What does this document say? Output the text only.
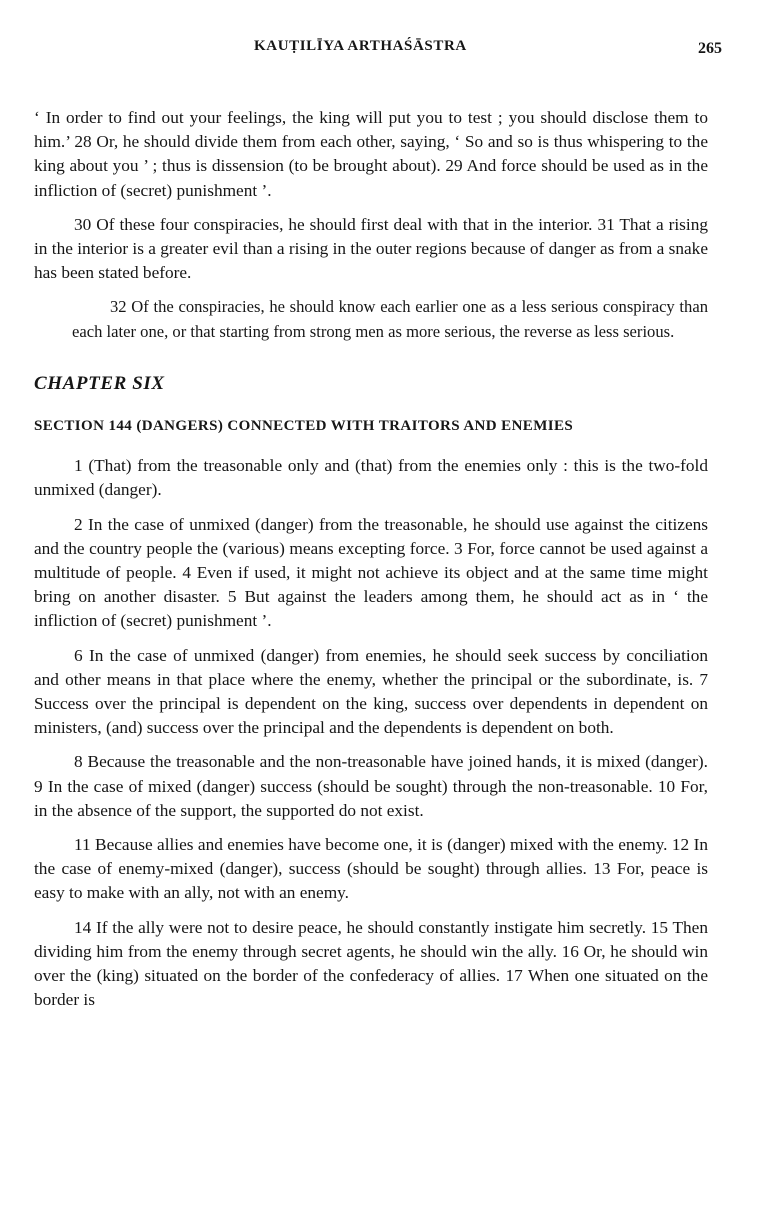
KAUṬILĪYA ARTHAŚĀSTRA	265

‘ In order to find out your feelings, the king will put you to test ; you should disclose them to him.’ 28 Or, he should divide them from each other, saying, ‘ So and so is thus whispering to the king about you ’ ; thus is dissension (to be brought about). 29 And force should be used as in the infliction of (secret) punishment ’.

30 Of these four conspiracies, he should first deal with that in the interior. 31 That a rising in the interior is a greater evil than a rising in the outer regions because of danger as from a snake has been stated before.

32 Of the conspiracies, he should know each earlier one as a less serious conspiracy than each later one, or that starting from strong men as more serious, the reverse as less serious.

CHAPTER SIX
SECTION 144 (DANGERS) CONNECTED WITH TRAITORS AND ENEMIES

1 (That) from the treasonable only and (that) from the enemies only : this is the two-fold unmixed (danger).

2 In the case of unmixed (danger) from the treasonable, he should use against the citizens and the country people the (various) means excepting force. 3 For, force cannot be used against a multitude of people. 4 Even if used, it might not achieve its object and at the same time might bring on another disaster. 5 But against the leaders among them, he should act as in ‘ the infliction of (secret) punishment ’.

6 In the case of unmixed (danger) from enemies, he should seek success by conciliation and other means in that place where the enemy, whether the principal or the subordinate, is. 7 Success over the principal is dependent on the king, success over dependents in dependent on ministers, (and) success over the principal and the dependents is dependent on both.

8 Because the treasonable and the non-treasonable have joined hands, it is mixed (danger). 9 In the case of mixed (danger) success (should be sought) through the non-treasonable. 10 For, in the absence of the support, the supported do not exist.

11 Because allies and enemies have become one, it is (danger) mixed with the enemy. 12 In the case of enemy-mixed (danger), success (should be sought) through allies. 13 For, peace is easy to make with an ally, not with an enemy.

14 If the ally were not to desire peace, he should constantly instigate him secretly. 15 Then dividing him from the enemy through secret agents, he should win the ally. 16 Or, he should win over the (king) situated on the border of the confederacy of allies. 17 When one situated on the border is
